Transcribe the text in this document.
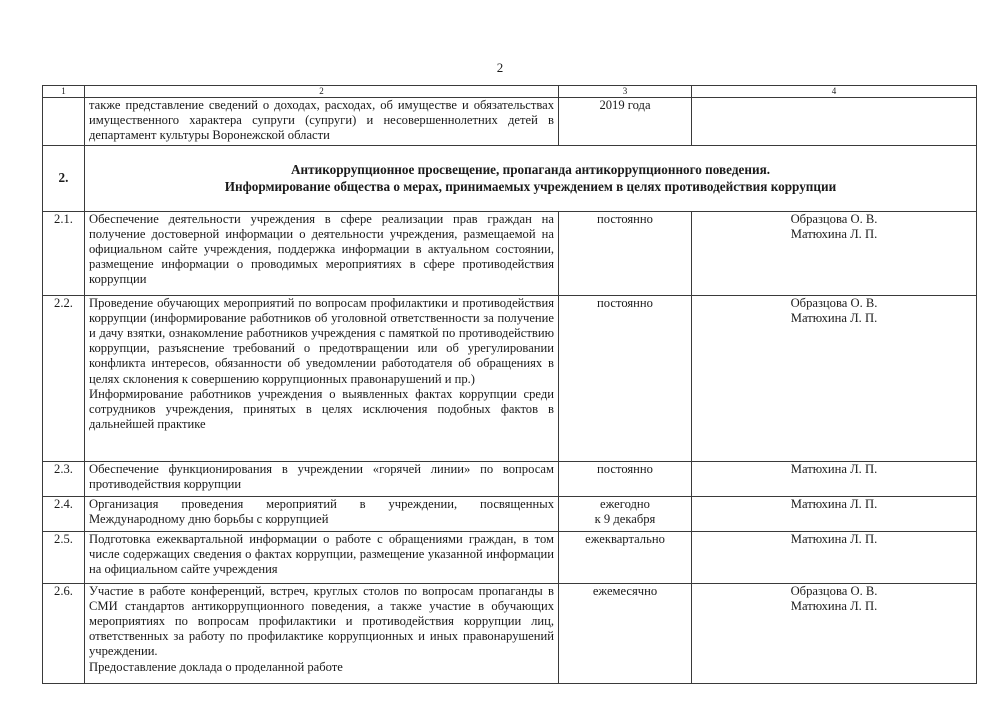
2
1	2	3	4
	также представление сведений о доходах, расходах, об имуществе и обязательствах имущественного характера супруги (супруги) и несовершеннолетних детей в департамент культуры Воронежской области	2019 года	
2.	Антикоррупционное просвещение, пропаганда антикоррупционного поведения.
Информирование общества о мерах, принимаемых учреждением в целях противодействия коррупции		

2.1.	Обеспечение деятельности учреждения в сфере реализации прав граждан на получение достоверной информации о деятельности учреждения, размещаемой на официальном сайте учреждения, поддержка информации в актуальном состоянии, размещение информации о проводимых мероприятиях в сфере противодействия коррупции	постоянно	Образцова О. В.
Матюхина Л. П.

2.2.	Проведение обучающих мероприятий по вопросам профилактики и противодействия коррупции (информирование работников об уголовной ответственности за получение и дачу взятки, ознакомление работников учреждения с памяткой по противодействию коррупции, разъяснение требований о предотвращении или об урегулировании конфликта интересов, обязанности об уведомлении работодателя об обращениях в целях склонения к совершению коррупционных правонарушений и пр.)
Информирование работников учреждения о выявленных фактах коррупции среди сотрудников учреждения, принятых в целях исключения подобных фактов в дальнейшей практике	постоянно	Образцова О. В.
Матюхина Л. П.

2.3.	Обеспечение функционирования в учреждении «горячей линии» по вопросам противодействия коррупции	постоянно	Матюхина Л. П.

2.4.	Организация проведения мероприятий в учреждении, посвященных Международному дню борьбы с коррупцией	ежегодно
к 9 декабря	Матюхина Л. П.

2.5.	Подготовка ежеквартальной информации о работе с обращениями граждан, в том числе содержащих сведения о фактах коррупции, размещение указанной информации на официальном сайте учреждения	ежеквартально	Матюхина Л. П.

2.6.	Участие в работе конференций, встреч, круглых столов по вопросам пропаганды в СМИ стандартов антикоррупционного поведения, а также участие в обучающих мероприятиях по вопросам профилактики и противодействия коррупции лиц, ответственных за работу по профилактике коррупционных и иных правонарушений учреждении.
Предоставление доклада о проделанной работе	ежемесячно	Образцова О. В.
Матюхина Л. П.
